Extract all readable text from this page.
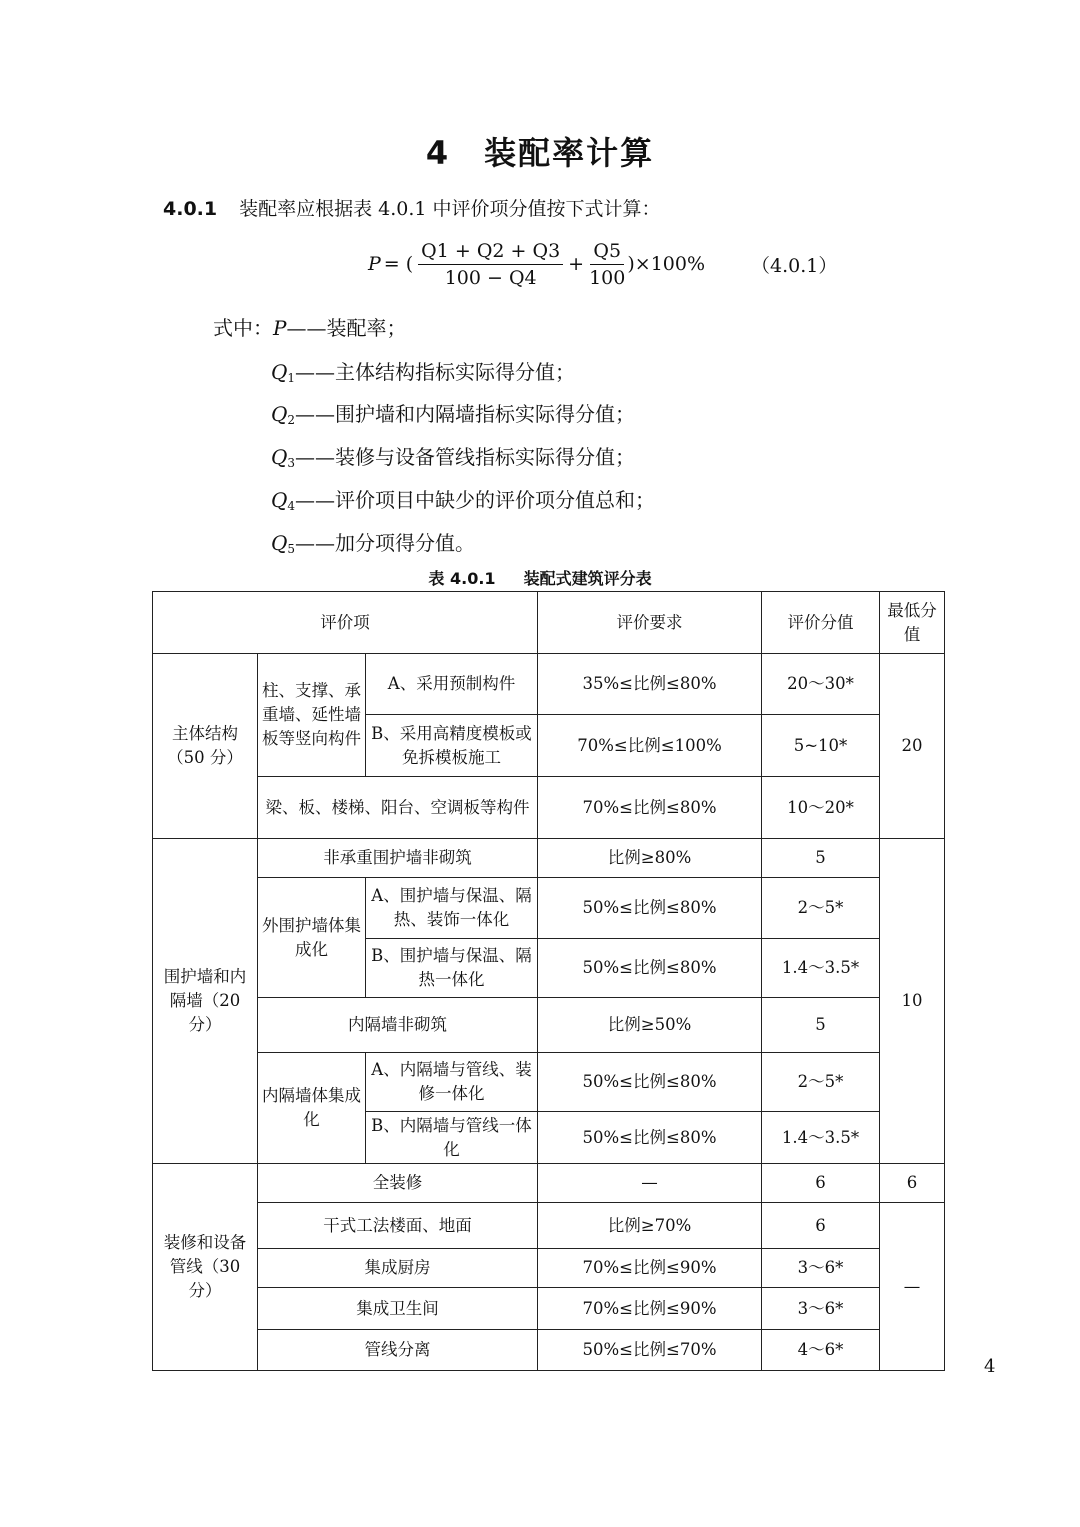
4 装配率计算
4.0.1 装配率应根据表 4.0.1 中评价项分值按下式计算：
P = ( $\frac{Q1 + Q2 + Q3}{100 - Q4} + \frac{Q5}{100} )\times 100\%$ （4.0.1）
式中：P——装配率；
$Q_1——$主体结构指标实际得分值；
$Q_2——$围护墙和内隔墙指标实际得分值；
$Q_3——$装修与设备管线指标实际得分值；
$Q_4——$评价项目中缺少的评价项分值总和；
$Q_5——$加分项得分值。
表 4.0.1 装配式建筑评分表
评价项			评价要求	评价分值	最低分值
主体结构（50 分）	柱、支撑、承重墙、延性墙板等竖向构件	A、采用预制构件	35%≤比例≤80%	20～30*	20
		B、采用高精度模板或免拆模板施工	70%≤比例≤100%	5~10*	
	梁、板、楼梯、阳台、空调板等构件		70%≤比例≤80%	10～20*	
围护墙和内隔墙（20 分）	非承重围护墙非砌筑		比例≥80%	5	10
	外围护墙体集成化	A、围护墙与保温、隔热、装饰一体化	50%≤比例≤80%	2～5*	
		B、围护墙与保温、隔热一体化	50%≤比例≤80%	1.4～3.5*	
	内隔墙非砌筑		比例≥50%	5	
	内隔墙体集成化	A、内隔墙与管线、装修一体化	50%≤比例≤80%	2～5*	
		B、内隔墙与管线一体化	50%≤比例≤80%	1.4～3.5*	
装修和设备管线（30 分）	全装修		—	6	6
	干式工法楼面、地面		比例≥70%	6	—
	集成厨房		70%≤比例≤90%	3～6*	
	集成卫生间		70%≤比例≤90%	3～6*	
	管线分离		50%≤比例≤70%	4～6*	
4
